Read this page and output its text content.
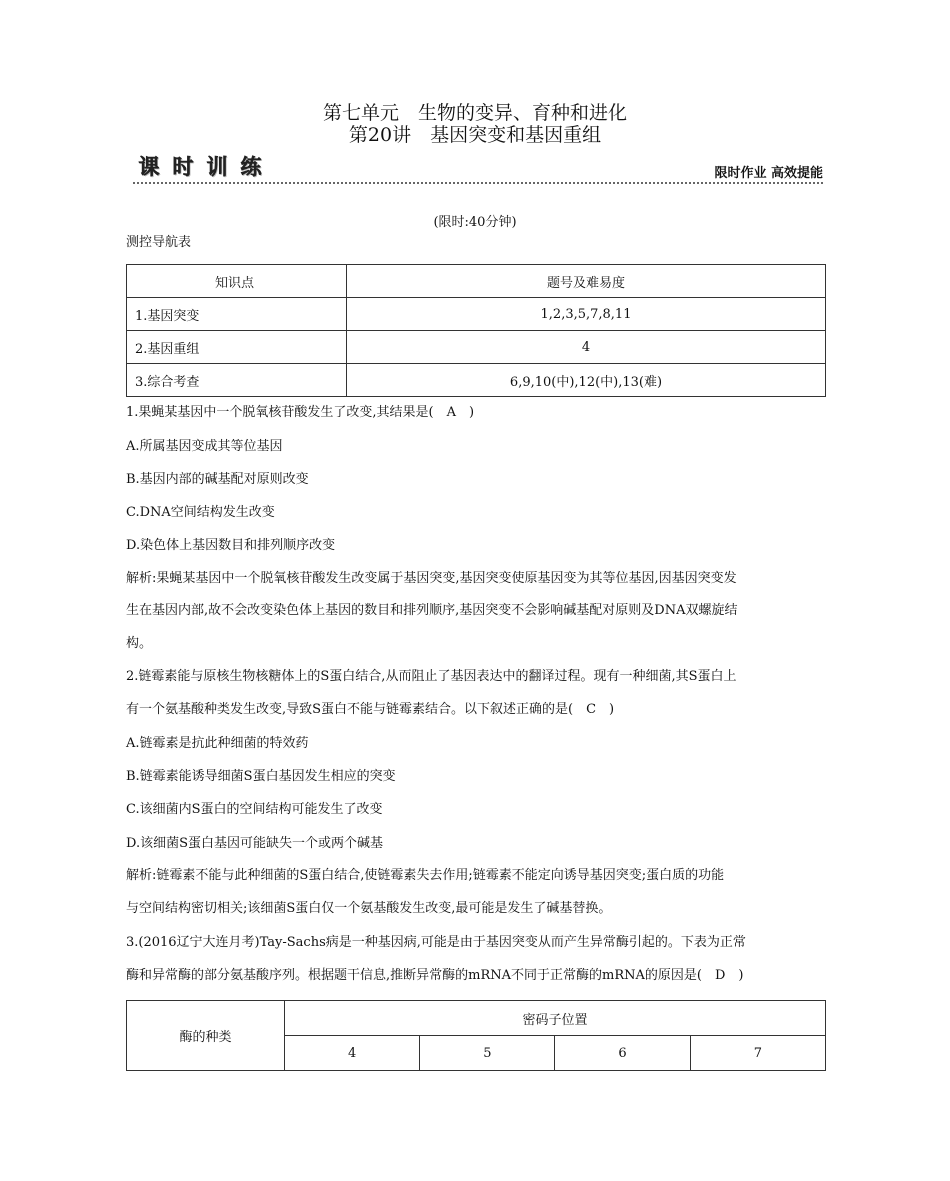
第七单元　生物的变异、育种和进化
第20讲　基因突变和基因重组
课 时 训 练	限时作业 高效提能
(限时:40分钟)
测控导航表
知识点	题号及难易度
1.基因突变	1,2,3,5,7,8,11
2.基因重组	4
3.综合考查	6,9,10(中),12(中),13(难)
1.果蝇某基因中一个脱氧核苷酸发生了改变,其结果是(　A　)
A.所属基因变成其等位基因
B.基因内部的碱基配对原则改变
C.DNA空间结构发生改变
D.染色体上基因数目和排列顺序改变
解析:果蝇某基因中一个脱氧核苷酸发生改变属于基因突变,基因突变使原基因变为其等位基因,因基因突变发
生在基因内部,故不会改变染色体上基因的数目和排列顺序,基因突变不会影响碱基配对原则及DNA双螺旋结
构。
2.链霉素能与原核生物核糖体上的S蛋白结合,从而阻止了基因表达中的翻译过程。现有一种细菌,其S蛋白上
有一个氨基酸种类发生改变,导致S蛋白不能与链霉素结合。以下叙述正确的是(　C　)
A.链霉素是抗此种细菌的特效药
B.链霉素能诱导细菌S蛋白基因发生相应的突变
C.该细菌内S蛋白的空间结构可能发生了改变
D.该细菌S蛋白基因可能缺失一个或两个碱基
解析:链霉素不能与此种细菌的S蛋白结合,使链霉素失去作用;链霉素不能定向诱导基因突变;蛋白质的功能
与空间结构密切相关;该细菌S蛋白仅一个氨基酸发生改变,最可能是发生了碱基替换。
3.(2016辽宁大连月考)Tay-Sachs病是一种基因病,可能是由于基因突变从而产生异常酶引起的。下表为正常
酶和异常酶的部分氨基酸序列。根据题干信息,推断异常酶的mRNA不同于正常酶的mRNA的原因是(　D　)
酶的种类	密码子位置			
	4	5	6	7
